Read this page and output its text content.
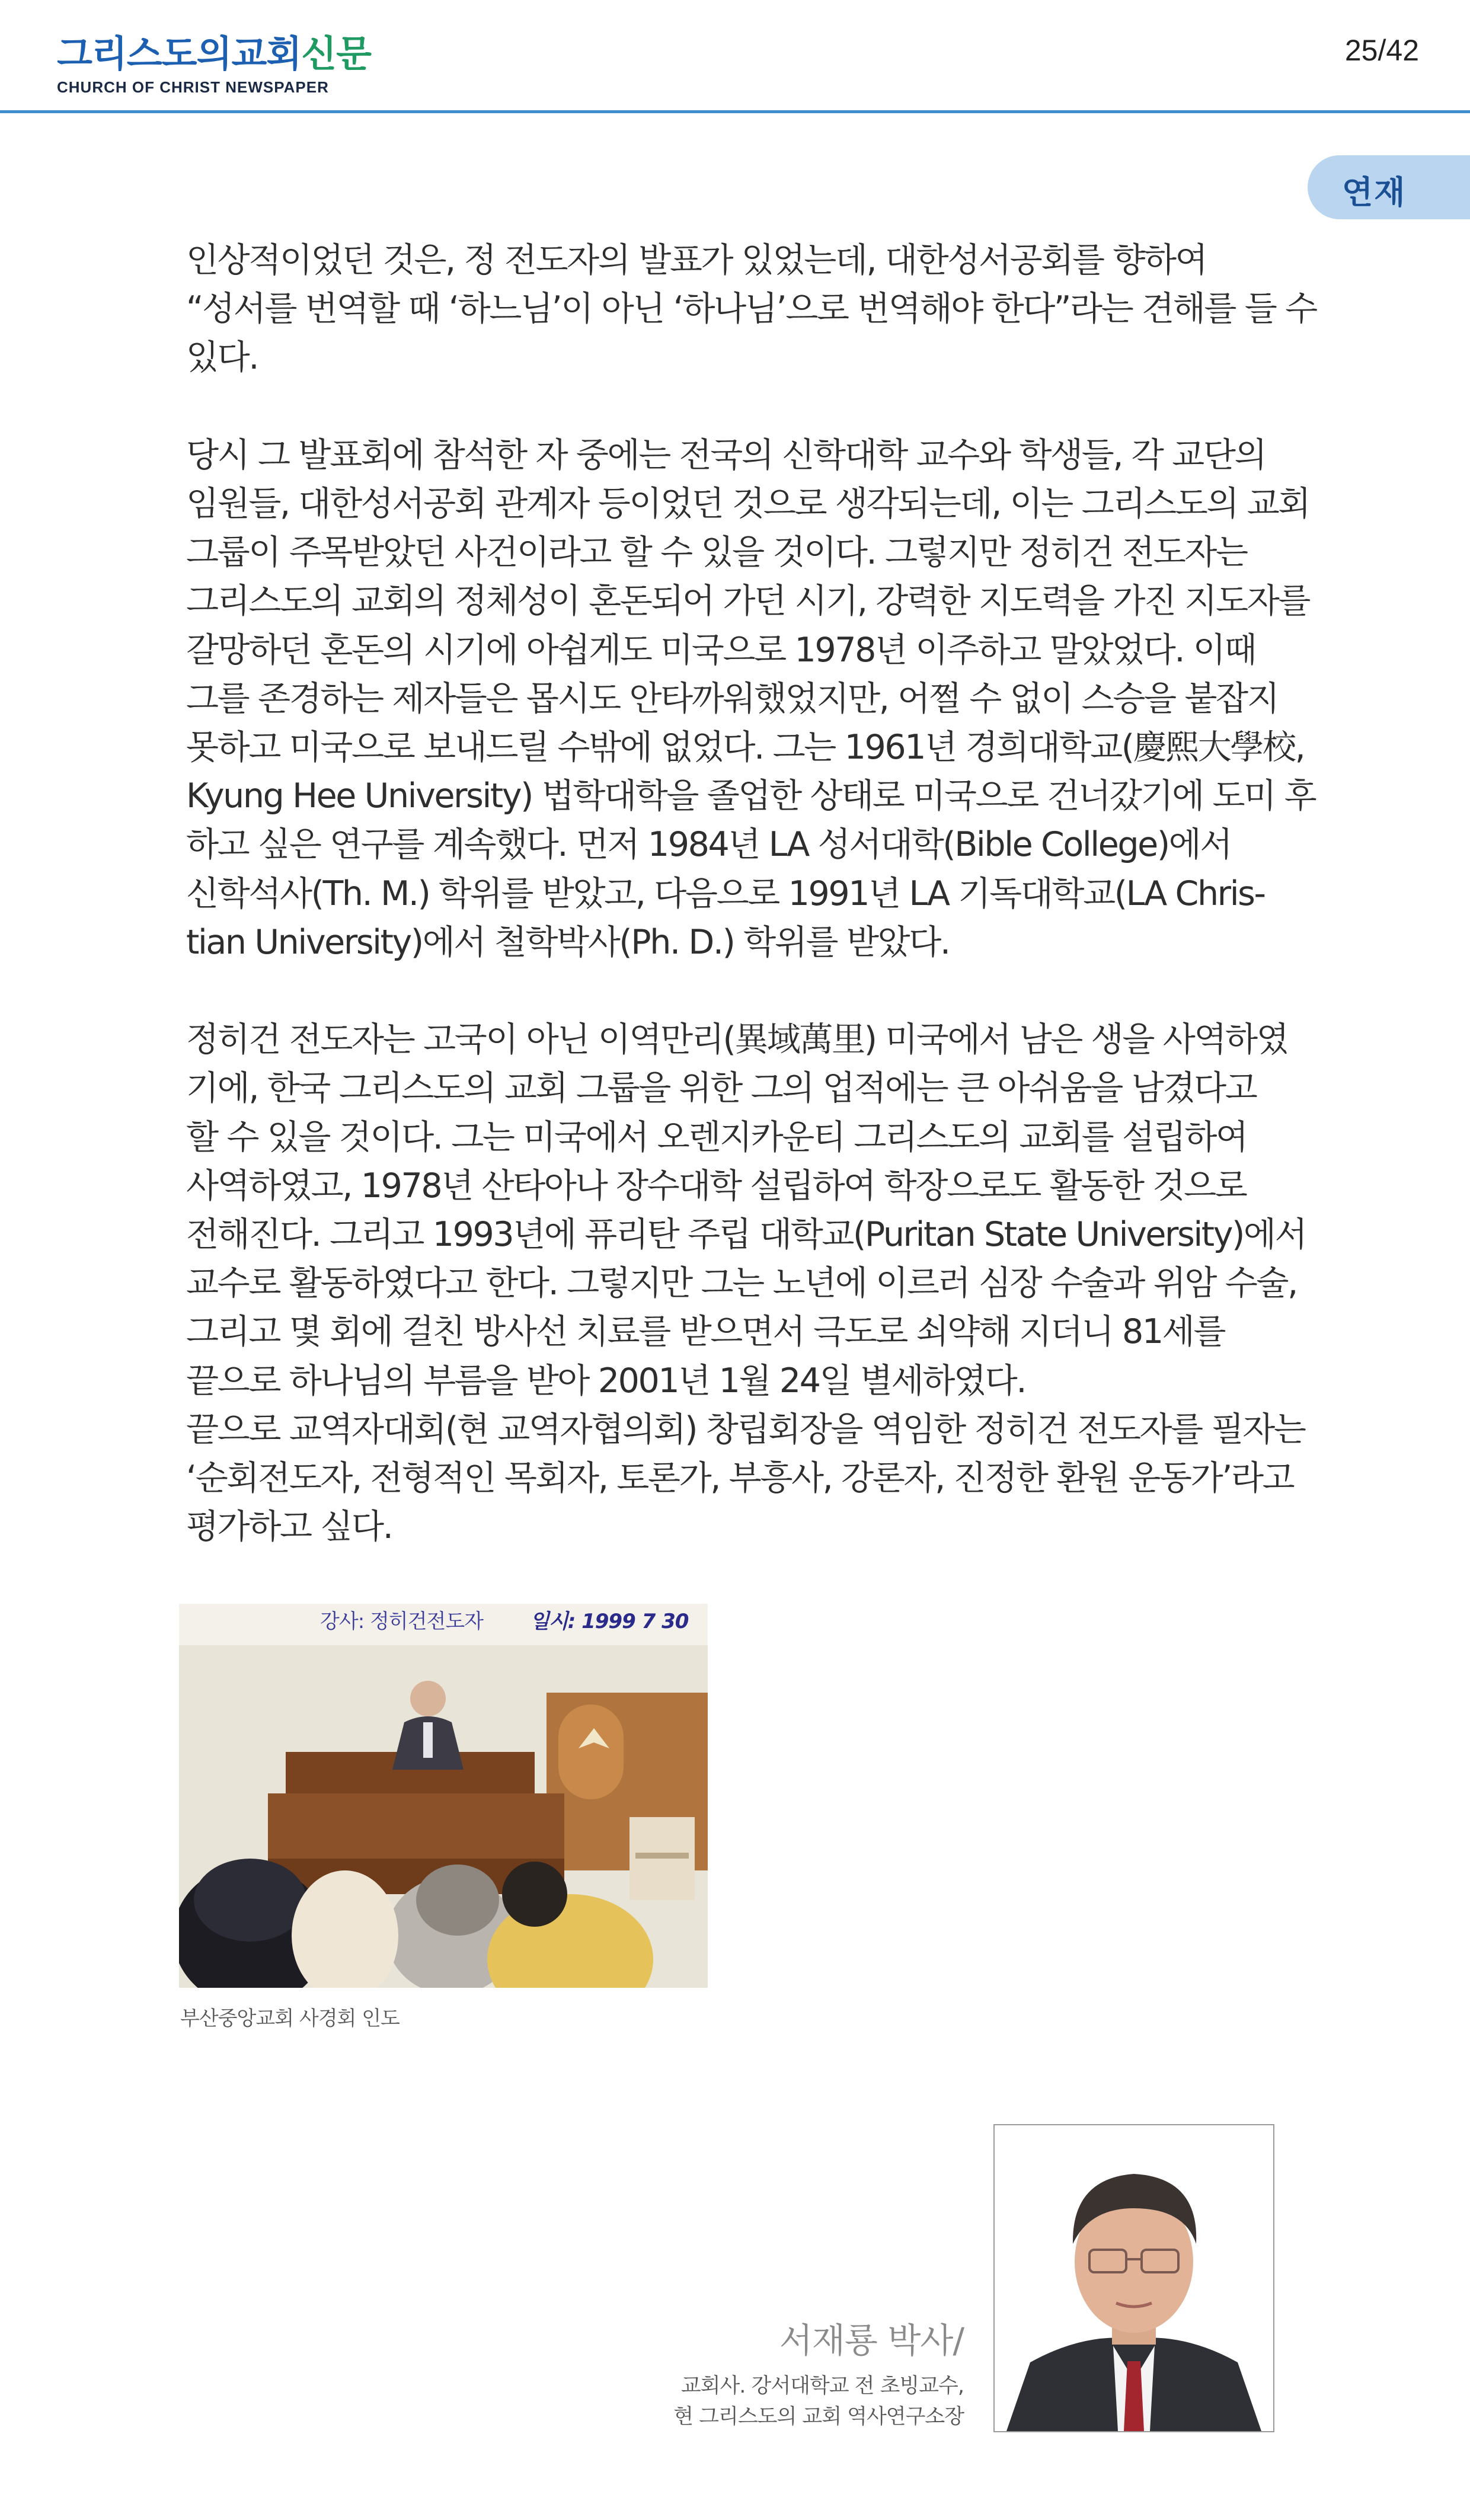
그리스도의교회신문
CHURCH OF CHRIST NEWSPAPER
25/42
연재

인상적이었던 것은, 정 전도자의 발표가 있었는데, 대한성서공회를 향하여
“성서를 번역할 때 ‘하느님’이 아닌 ‘하나님’으로 번역해야 한다”라는 견해를 들 수
있다.

당시 그 발표회에 참석한 자 중에는 전국의 신학대학 교수와 학생들, 각 교단의
임원들, 대한성서공회 관계자 등이었던 것으로 생각되는데, 이는 그리스도의 교회
그룹이 주목받았던 사건이라고 할 수 있을 것이다. 그렇지만 정히건 전도자는
그리스도의 교회의 정체성이 혼돈되어 가던 시기, 강력한 지도력을 가진 지도자를
갈망하던 혼돈의 시기에 아쉽게도 미국으로 1978년 이주하고 말았었다. 이때
그를 존경하는 제자들은 몹시도 안타까워했었지만, 어쩔 수 없이 스승을 붙잡지
못하고 미국으로 보내드릴 수밖에 없었다. 그는 1961년 경희대학교(慶熙大學校,
Kyung Hee University) 법학대학을 졸업한 상태로 미국으로 건너갔기에 도미 후
하고 싶은 연구를 계속했다. 먼저 1984년 LA 성서대학(Bible College)에서
신학석사(Th. M.) 학위를 받았고, 다음으로 1991년 LA 기독대학교(LA Chris-
tian University)에서 철학박사(Ph. D.) 학위를 받았다.

정히건 전도자는 고국이 아닌 이역만리(異域萬里) 미국에서 남은 생을 사역하였
기에, 한국 그리스도의 교회 그룹을 위한 그의 업적에는 큰 아쉬움을 남겼다고
할 수 있을 것이다. 그는 미국에서 오렌지카운티 그리스도의 교회를 설립하여
사역하였고, 1978년 산타아나 장수대학 설립하여 학장으로도 활동한 것으로
전해진다. 그리고 1993년에 퓨리탄 주립 대학교(Puritan State University)에서
교수로 활동하였다고 한다. 그렇지만 그는 노년에 이르러 심장 수술과 위암 수술,
그리고 몇 회에 걸친 방사선 치료를 받으면서 극도로 쇠약해 지더니 81세를
끝으로 하나님의 부름을 받아 2001년 1월 24일 별세하였다.
끝으로 교역자대회(현 교역자협의회) 창립회장을 역임한 정히건 전도자를 필자는
‘순회전도자, 전형적인 목회자, 토론가, 부흥사, 강론자, 진정한 환원 운동가’라고
평가하고 싶다.

강사: 정히건전도자 일시: 1999 7 30
부산중앙교회 사경회 인도
서재룡 박사/
교회사. 강서대학교 전 초빙교수,
현 그리스도의 교회 역사연구소장
